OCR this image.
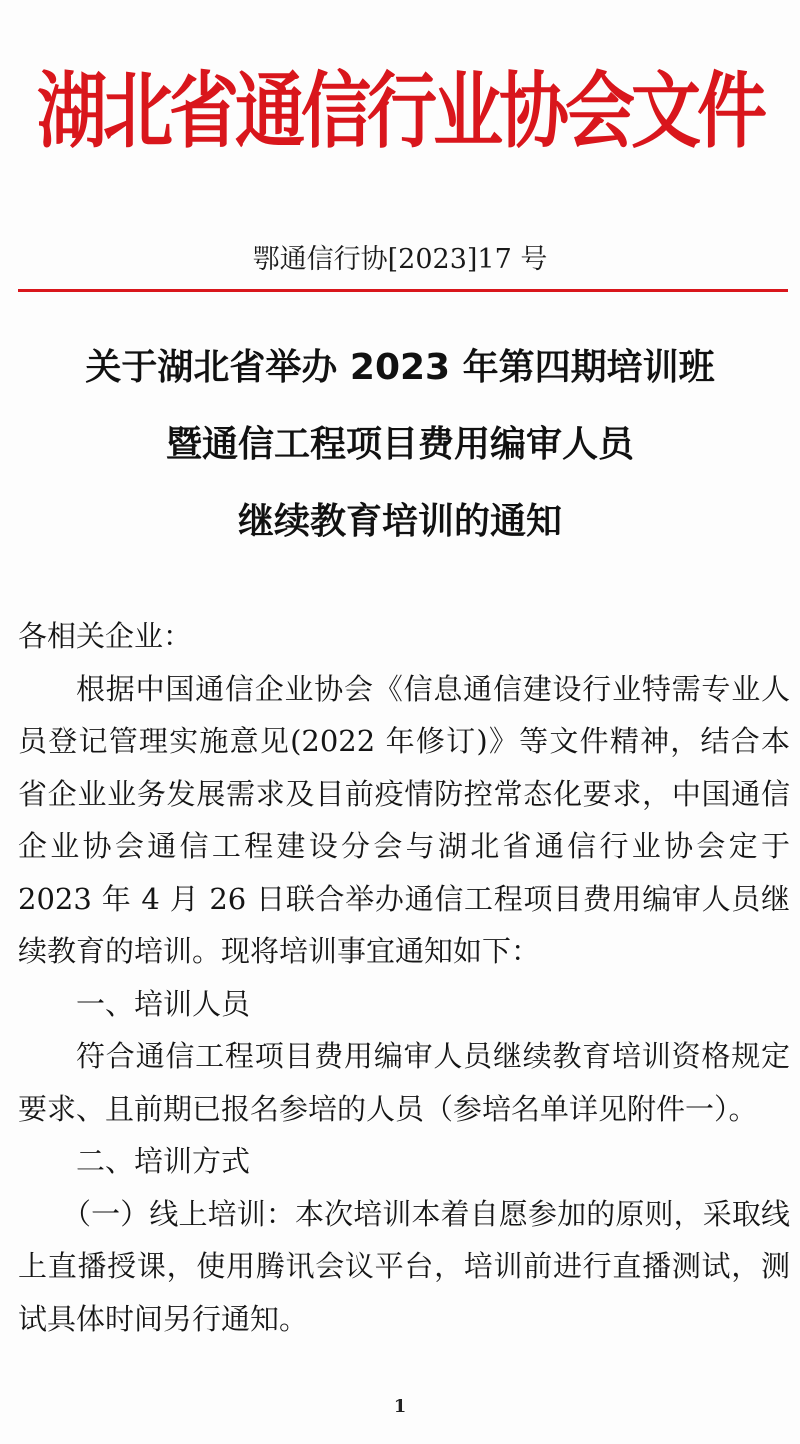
湖北省通信行业协会文件
鄂通信行协[2023]17 号
关于湖北省举办 2023 年第四期培训班
暨通信工程项目费用编审人员
继续教育培训的通知

各相关企业：

根据中国通信企业协会《信息通信建设行业特需专业人员登记管理实施意见(2022 年修订)》等文件精神，结合本省企业业务发展需求及目前疫情防控常态化要求，中国通信企业协会通信工程建设分会与湖北省通信行业协会定于 2023 年 4 月 26 日联合举办通信工程项目费用编审人员继续教育的培训。现将培训事宜通知如下：

一、培训人员

符合通信工程项目费用编审人员继续教育培训资格规定要求、且前期已报名参培的人员（参培名单详见附件一）。

二、培训方式

（一）线上培训：本次培训本着自愿参加的原则，采取线上直播授课，使用腾讯会议平台，培训前进行直播测试，测试具体时间另行通知。

1
